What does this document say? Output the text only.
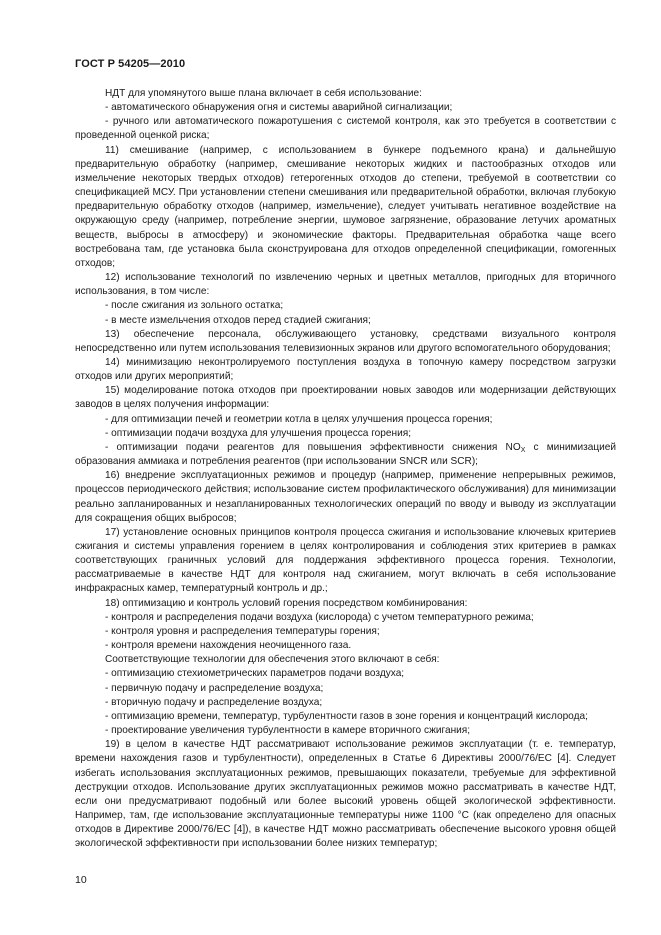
ГОСТ Р 54205—2010

НДТ для упомянутого выше плана включает в себя использование:

- автоматического обнаружения огня и системы аварийной сигнализации;

- ручного или автоматического пожаротушения с системой контроля, как это требуется в соответствии с проведенной оценкой риска;

11) смешивание (например, с использованием в бункере подъемного крана) и дальнейшую предварительную обработку (например, смешивание некоторых жидких и пастообразных отходов или измельчение некоторых твердых отходов) гетерогенных отходов до степени, требуемой в соответствии со спецификацией МСУ. При установлении степени смешивания или предварительной обработки, включая глубокую предварительную обработку отходов (например, измельчение), следует учитывать негативное воздействие на окружающую среду (например, потребление энергии, шумовое загрязнение, образование летучих ароматных веществ, выбросы в атмосферу) и экономические факторы. Предварительная обработка чаще всего востребована там, где установка была сконструирована для отходов определенной спецификации, гомогенных отходов;

12) использование технологий по извлечению черных и цветных металлов, пригодных для вторичного использования, в том числе:

- после сжигания из зольного остатка;

- в месте измельчения отходов перед стадией сжигания;

13) обеспечение персонала, обслуживающего установку, средствами визуального контроля непосредственно или путем использования телевизионных экранов или другого вспомогательного оборудования;

14) минимизацию неконтролируемого поступления воздуха в топочную камеру посредством загрузки отходов или других мероприятий;

15) моделирование потока отходов при проектировании новых заводов или модернизации действующих заводов в целях получения информации:

- для оптимизации печей и геометрии котла в целях улучшения процесса горения;

- оптимизации подачи воздуха для улучшения процесса горения;

- оптимизации подачи реагентов для повышения эффективности снижения $NO_X$ с минимизацией образования аммиака и потребления реагентов (при использовании SNCR или SCR);

16) внедрение эксплуатационных режимов и процедур (например, применение непрерывных режимов, процессов периодического действия; использование систем профилактического обслуживания) для минимизации реально запланированных и незапланированных технологических операций по вводу и выводу из эксплуатации для сокращения общих выбросов;

17) установление основных принципов контроля процесса сжигания и использование ключевых критериев сжигания и системы управления горением в целях контролирования и соблюдения этих критериев в рамках соответствующих граничных условий для поддержания эффективного процесса горения. Технологии, рассматриваемые в качестве НДТ для контроля над сжиганием, могут включать в себя использование инфракрасных камер, температурный контроль и др.;

18) оптимизацию и контроль условий горения посредством комбинирования:

- контроля и распределения подачи воздуха (кислорода) с учетом температурного режима;

- контроля уровня и распределения температуры горения;

- контроля времени нахождения неочищенного газа.

Соответствующие технологии для обеспечения этого включают в себя:

- оптимизацию стехиометрических параметров подачи воздуха;

- первичную подачу и распределение воздуха;

- вторичную подачу и распределение воздуха;

- оптимизацию времени, температур, турбулентности газов в зоне горения и концентраций кислорода;

- проектирование увеличения турбулентности в камере вторичного сжигания;

19) в целом в качестве НДТ рассматривают использование режимов эксплуатации (т. е. температур, времени нахождения газов и турбулентности), определенных в Статье 6 Директивы 2000/76/ЕС [4]. Следует избегать использования эксплуатационных режимов, превышающих показатели, требуемые для эффективной деструкции отходов. Использование других эксплуатационных режимов можно рассматривать в качестве НДТ, если они предусматривают подобный или более высокий уровень общей экологической эффективности. Например, там, где использование эксплуатационные температуры ниже 1100 °С (как определено для опасных отходов в Директиве 2000/76/ЕС [4]), в качестве НДТ можно рассматривать обеспечение высокого уровня общей экологической эффективности при использовании более низких температур;

10
